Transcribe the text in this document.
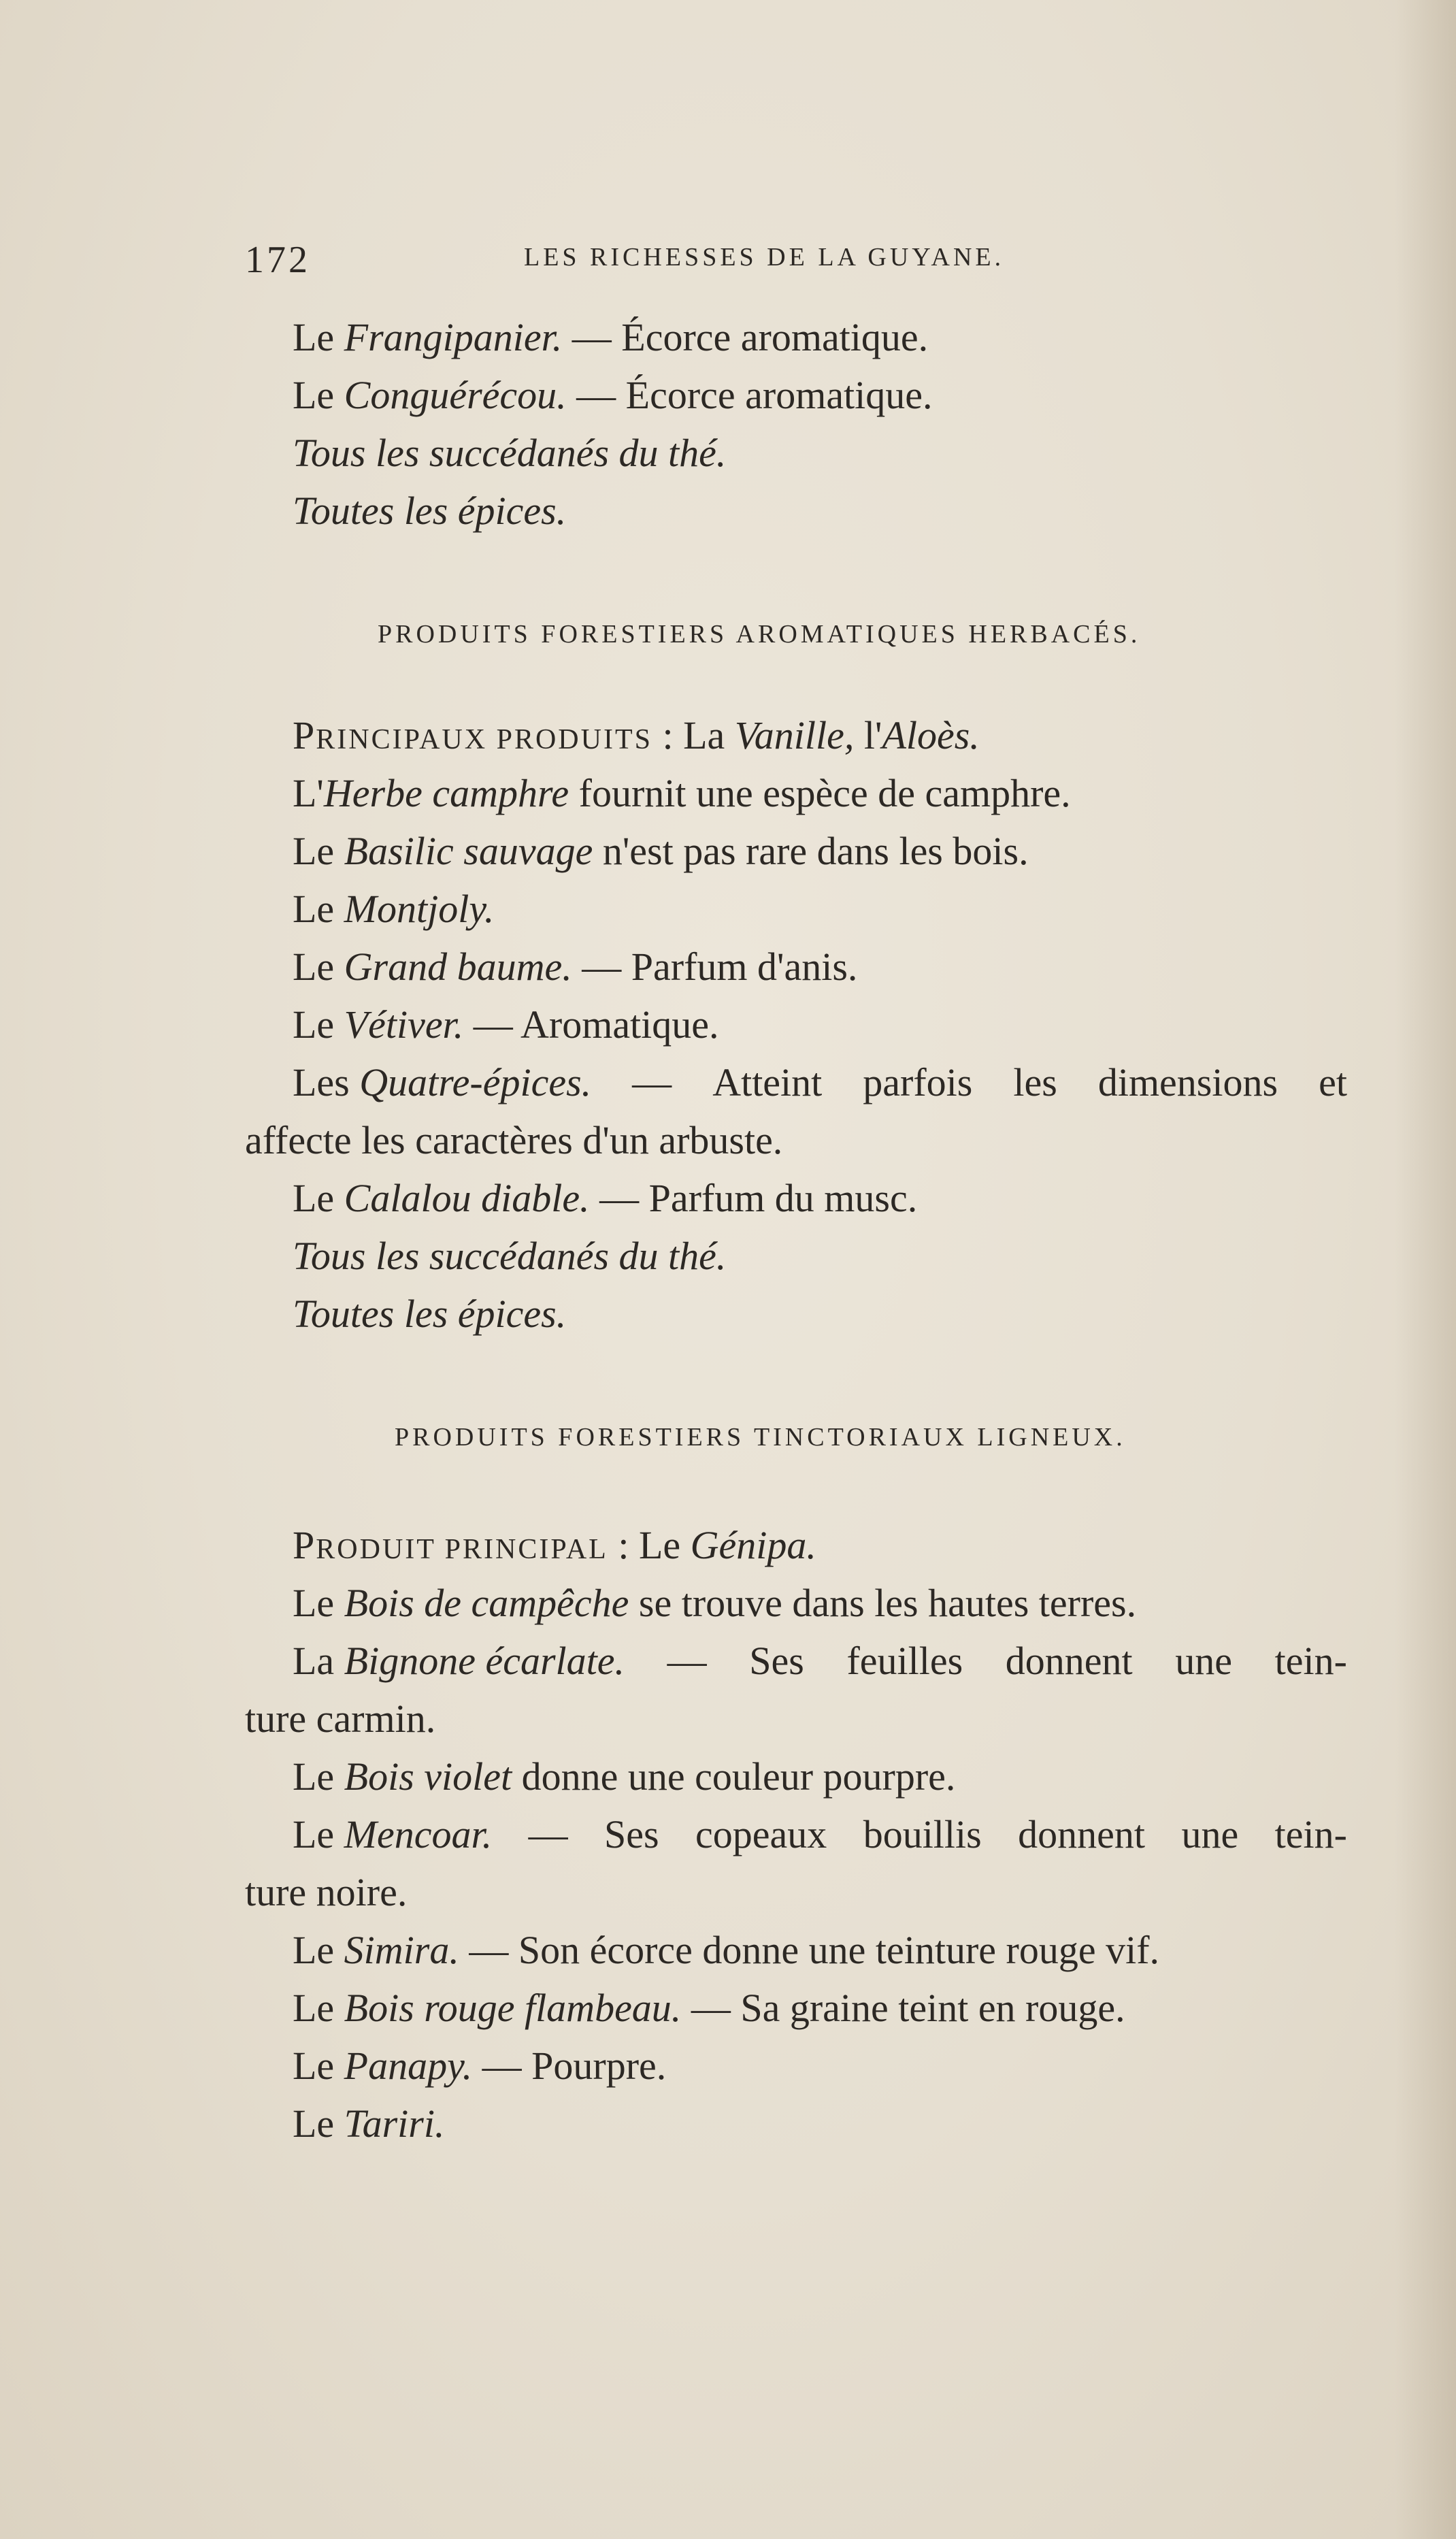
172	LES RICHESSES DE LA GUYANE.
Le Frangipanier. — Écorce aromatique.
Le Conguérécou. — Écorce aromatique.
Tous les succédanés du thé.
Toutes les épices.
PRODUITS FORESTIERS AROMATIQUES HERBACÉS.
PRINCIPAUX PRODUITS : La Vanille, l'Aloès.
L'Herbe camphre fournit une espèce de camphre.
Le Basilic sauvage n'est pas rare dans les bois.
Le Montjoly.
Le Grand baume. — Parfum d'anis.
Le Vétiver. — Aromatique.
Les Quatre-épices. — Atteint parfois les dimensions et
affecte les caractères d'un arbuste.
Le Calalou diable. — Parfum du musc.
Tous les succédanés du thé.
Toutes les épices.
PRODUITS FORESTIERS TINCTORIAUX LIGNEUX.
PRODUIT PRINCIPAL : Le Génipa.
Le Bois de campêche se trouve dans les hautes terres.
La Bignone écarlate. — Ses feuilles donnent une tein-
ture carmin.
Le Bois violet donne une couleur pourpre.
Le Mencoar. — Ses copeaux bouillis donnent une tein-
ture noire.
Le Simira. — Son écorce donne une teinture rouge vif.
Le Bois rouge flambeau. — Sa graine teint en rouge.
Le Panapy. — Pourpre.
Le Tariri.
